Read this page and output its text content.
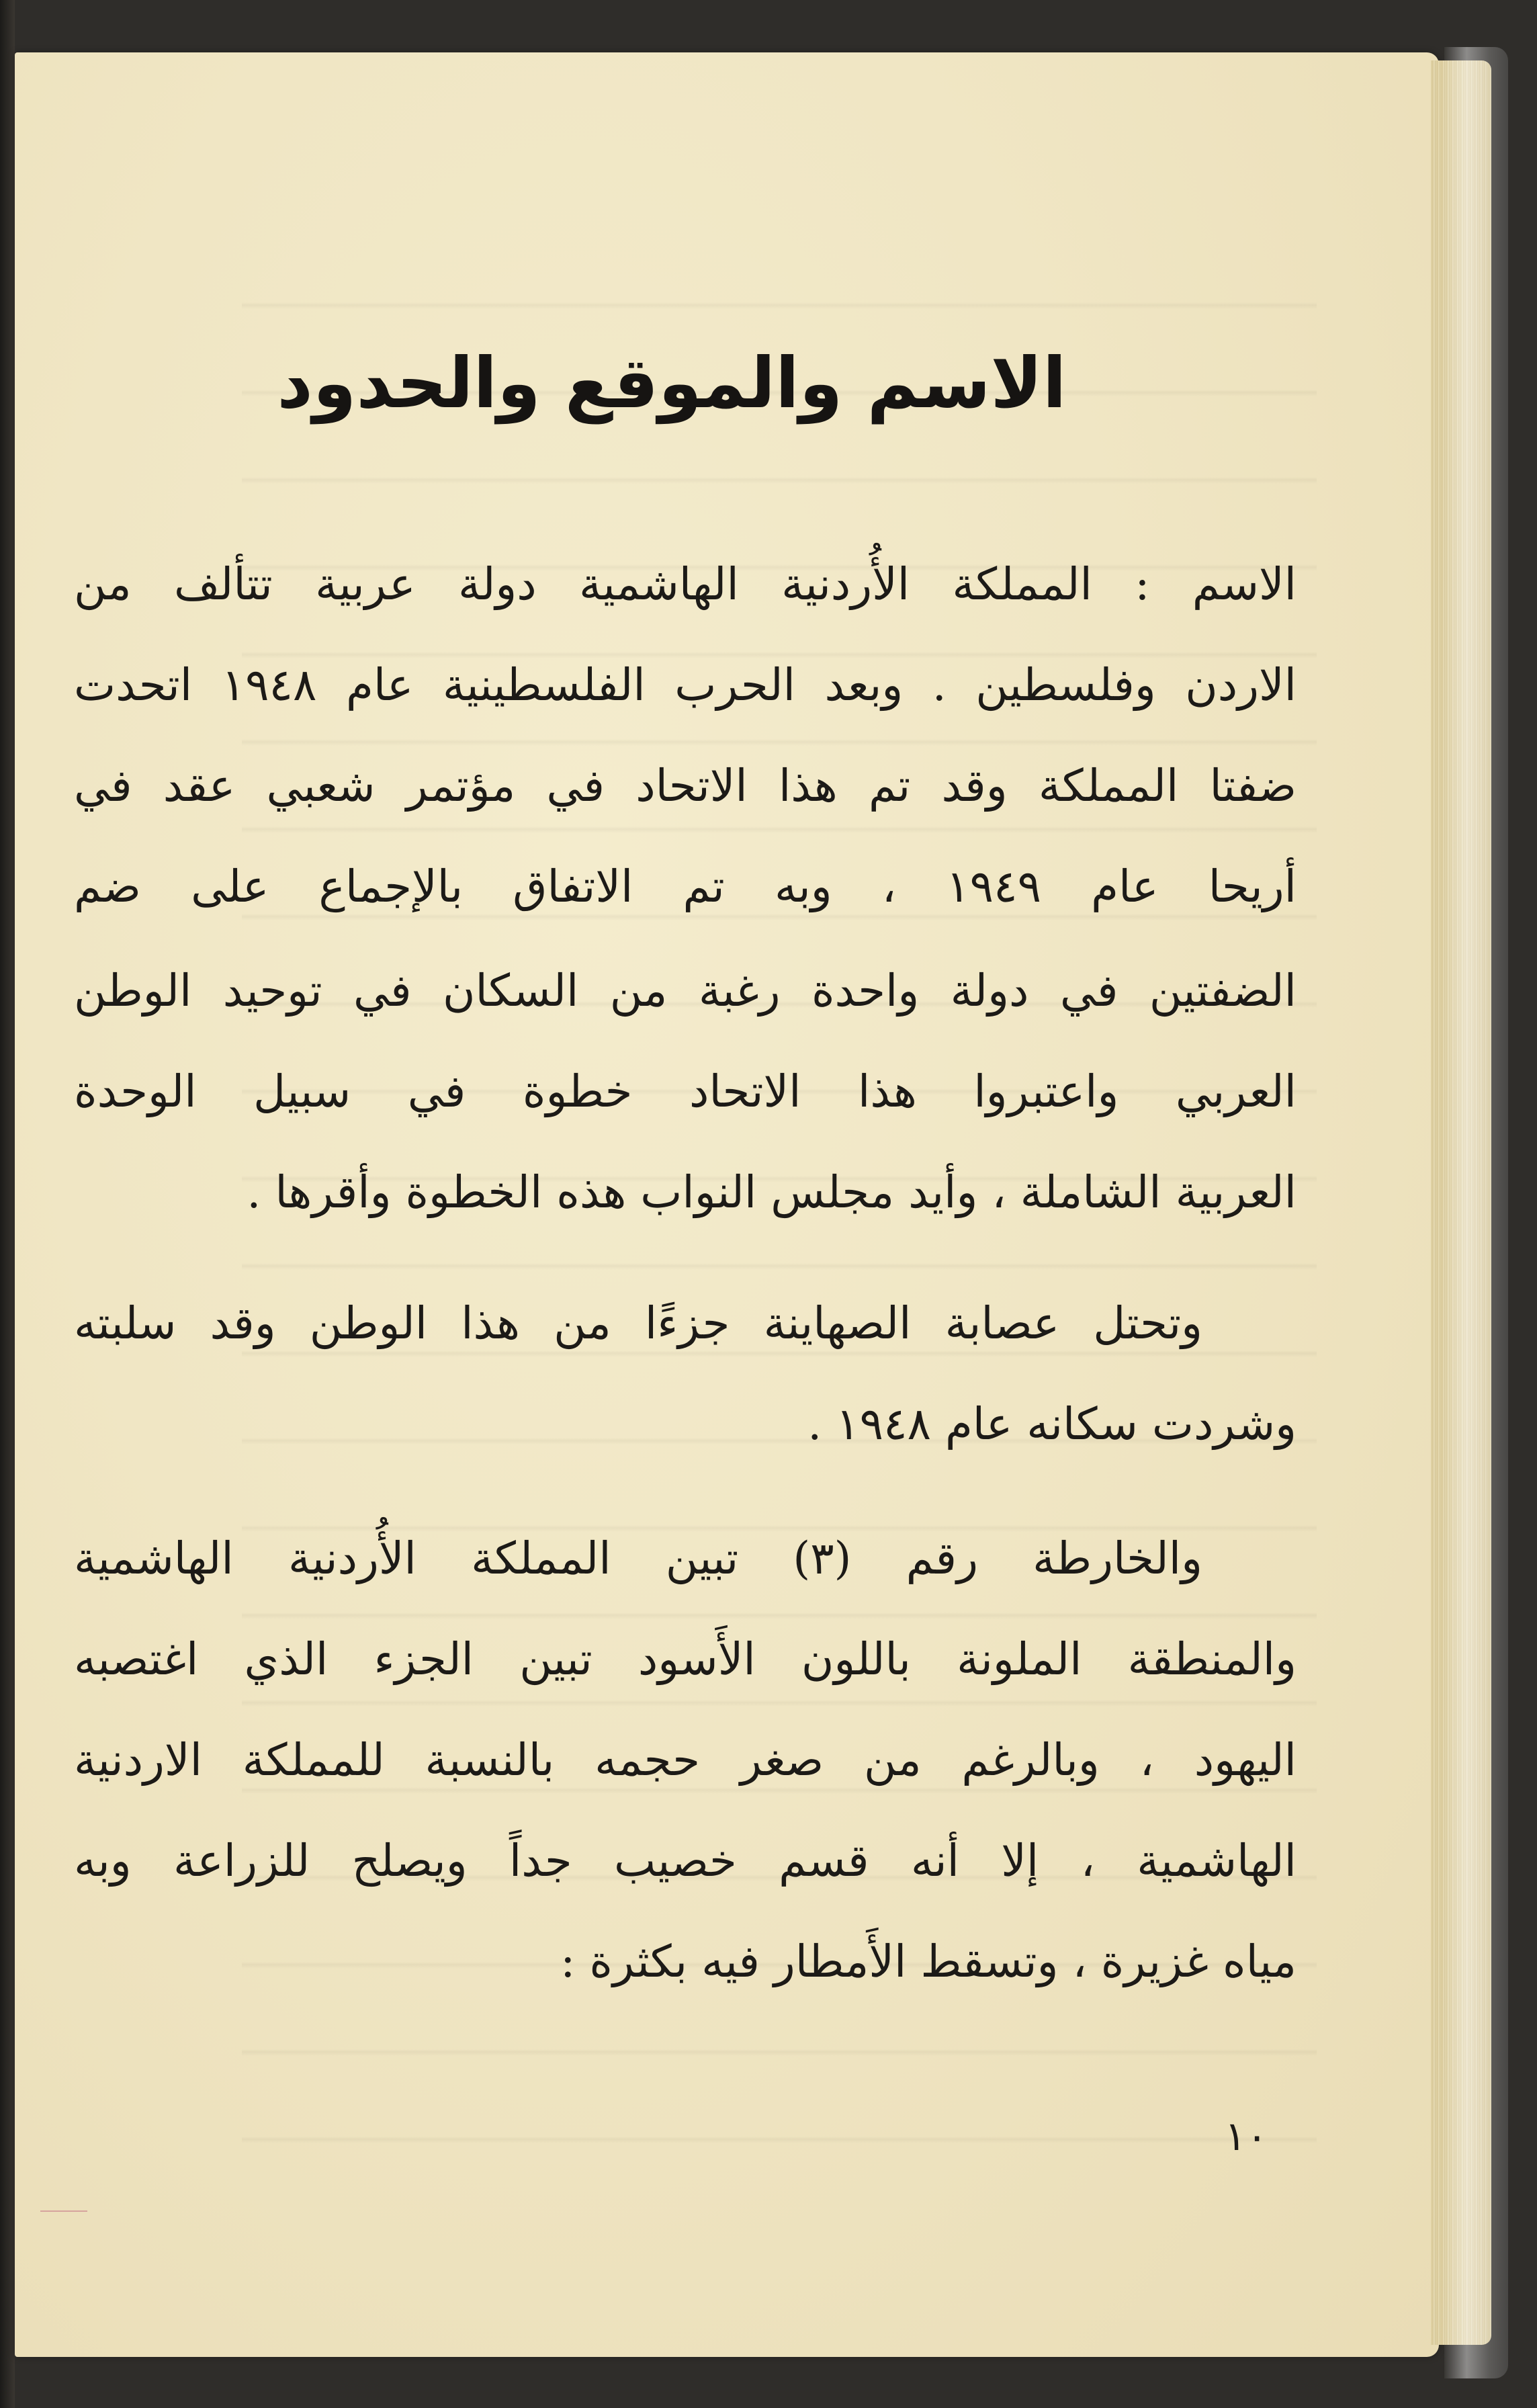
الاسم والموقع والحدود
الاسم : المملكة الأُردنية الهاشمية دولة عربية تتألف من
الاردن وفلسطين . وبعد الحرب الفلسطينية عام ١٩٤٨ اتحدت
ضفتا المملكة وقد تم هذا الاتحاد في مؤتمر شعبي عقد في
أريحا عام ١٩٤٩ ، وبه تم الاتفاق بالإجماع على ضم
الضفتين في دولة واحدة رغبة من السكان في توحيد الوطن
العربي واعتبروا هذا الاتحاد خطوة في سبيل الوحدة
العربية الشاملة ، وأيد مجلس النواب هذه الخطوة وأقرها .
وتحتل عصابة الصهاينة جزءًا من هذا الوطن وقد سلبته
وشردت سكانه عام ١٩٤٨ .
والخارطة رقم (٣) تبين المملكة الأُردنية الهاشمية
والمنطقة الملونة باللون الأَسود تبين الجزء الذي اغتصبه
اليهود ، وبالرغم من صغر حجمه بالنسبة للمملكة الاردنية
الهاشمية ، إلا أنه قسم خصيب جداً ويصلح للزراعة وبه
مياه غزيرة ، وتسقط الأَمطار فيه بكثرة :
١٠
